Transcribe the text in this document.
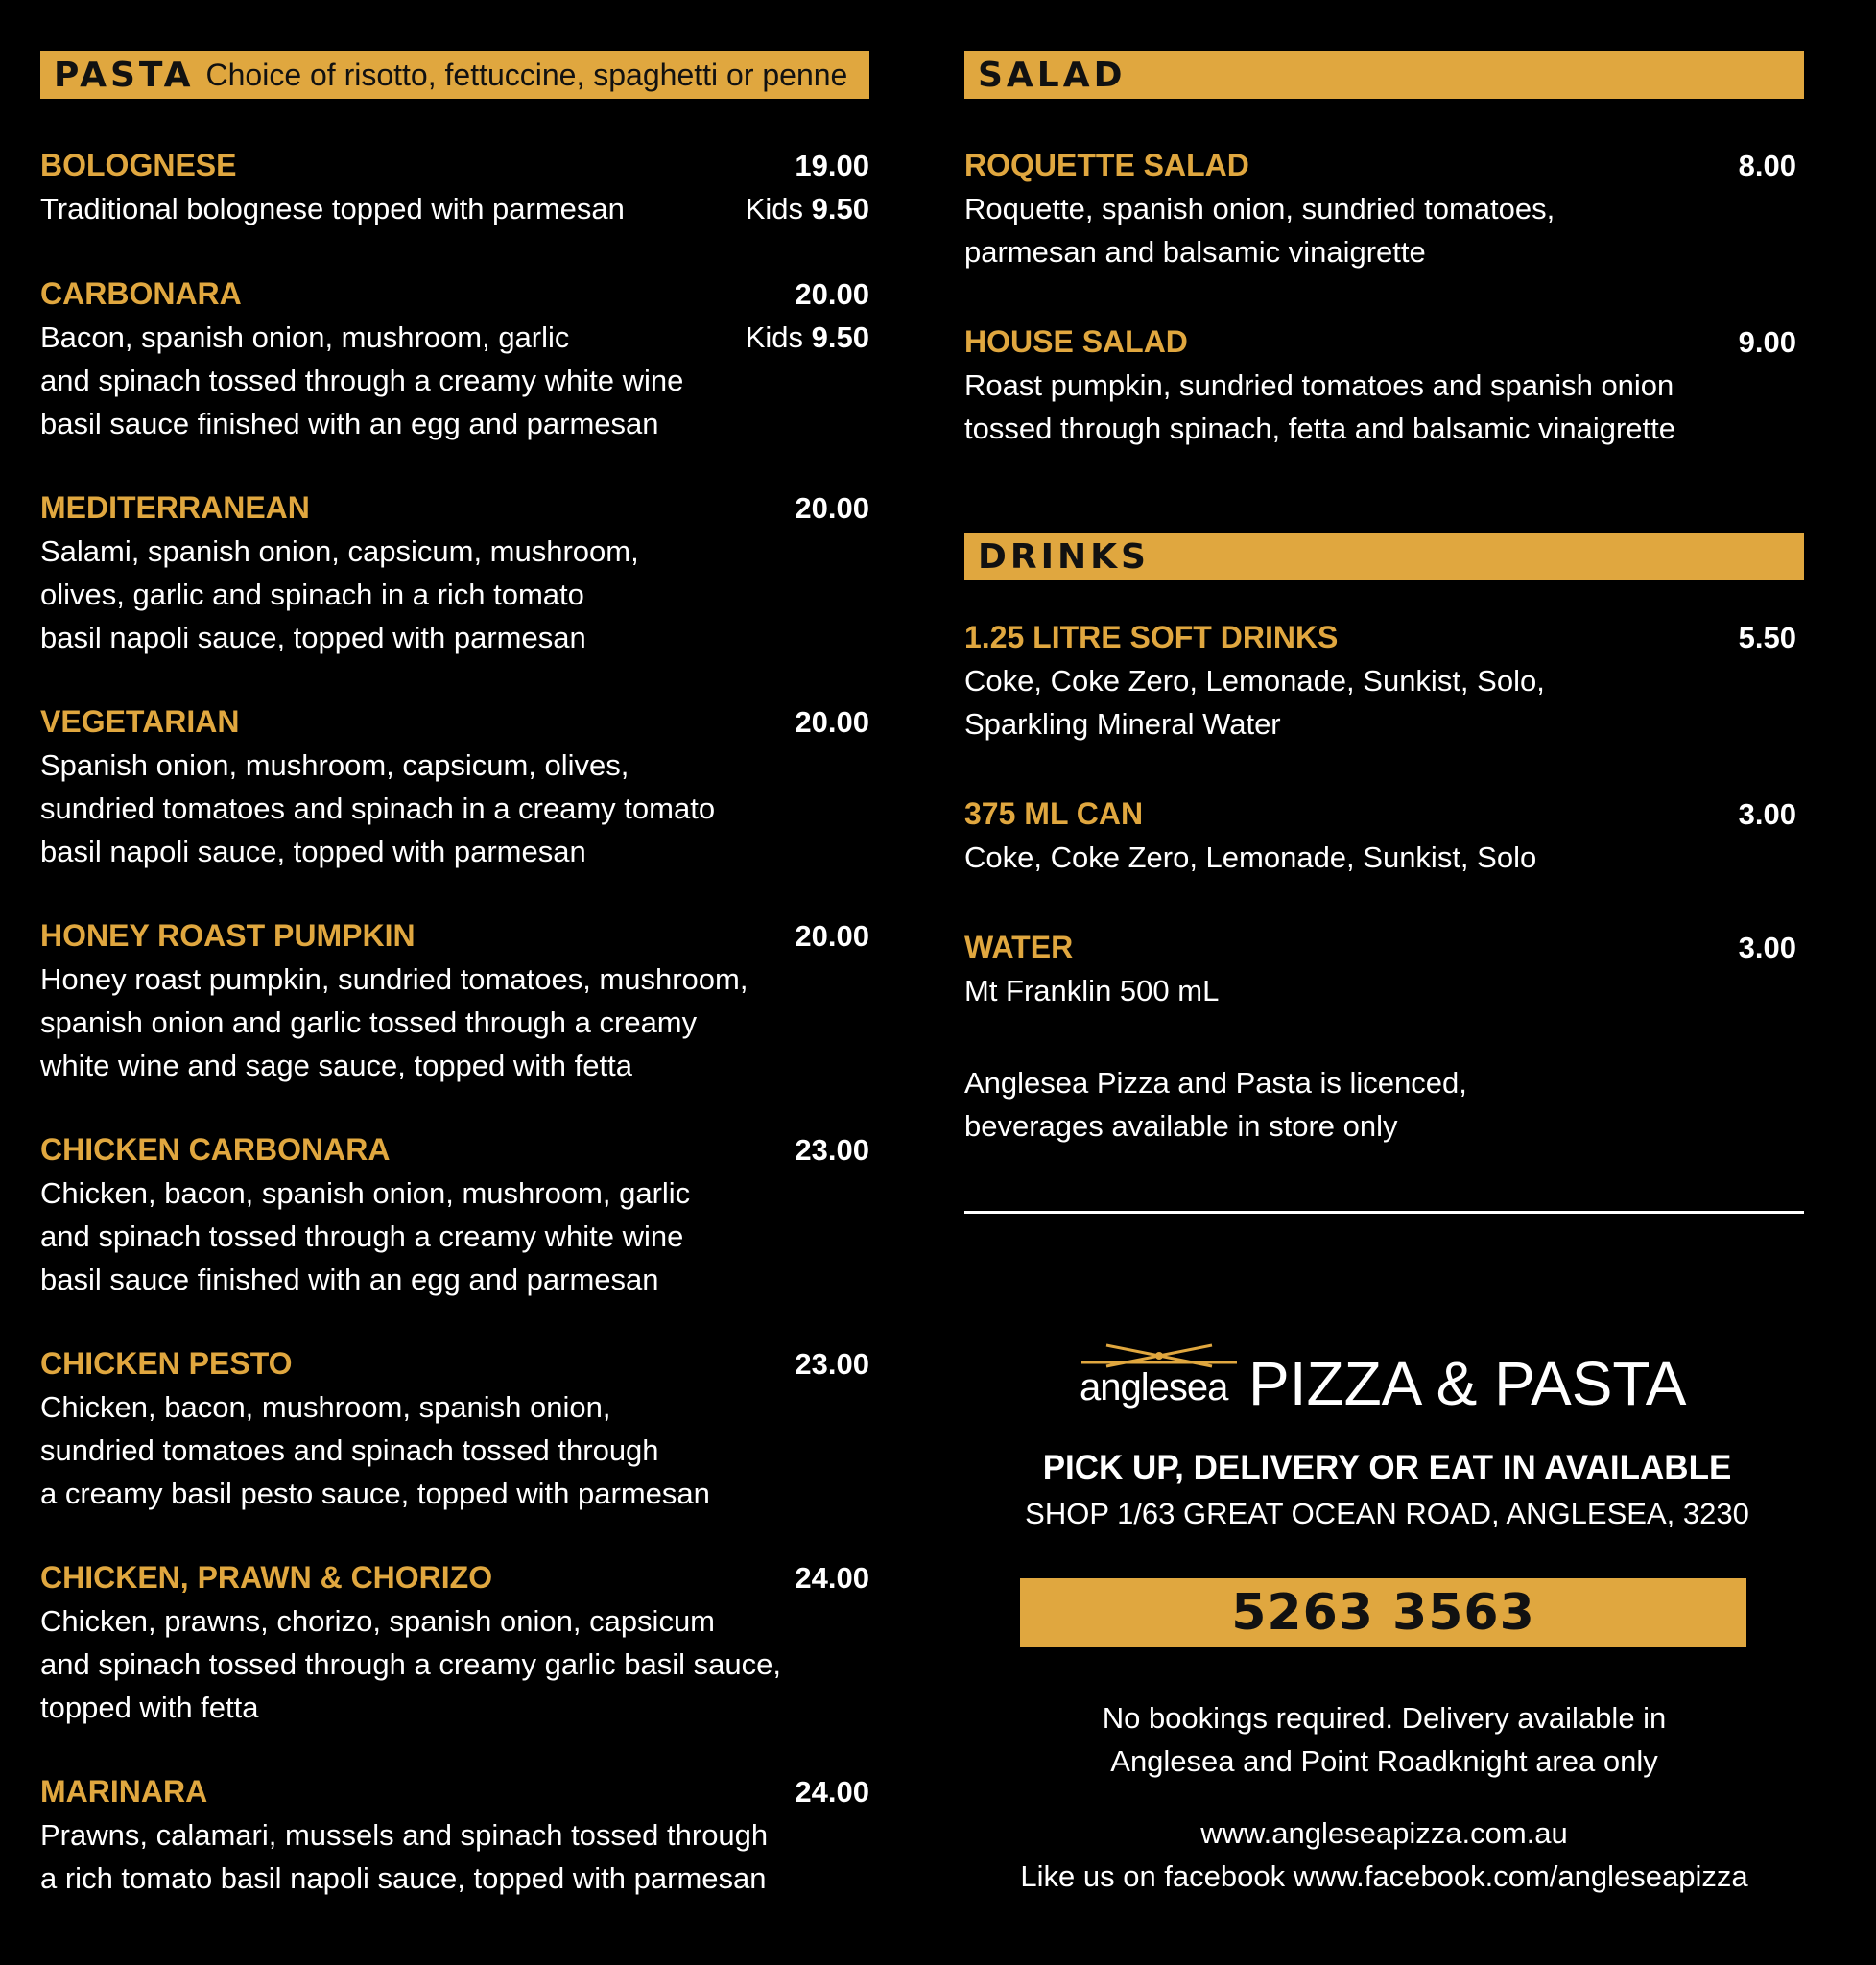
PASTA Choice of risotto, fettuccine, spaghetti or penne
BOLOGNESE	19.00
Kids 9.50
Traditional bolognese topped with parmesan
CARBONARA	20.00
Kids 9.50
Bacon, spanish onion, mushroom, garlic
and spinach tossed through a creamy white wine
basil sauce finished with an egg and parmesan
MEDITERRANEAN	20.00
Salami, spanish onion, capsicum, mushroom,
olives, garlic and spinach in a rich tomato
basil napoli sauce, topped with parmesan
VEGETARIAN	20.00
Spanish onion, mushroom, capsicum, olives,
sundried tomatoes and spinach in a creamy tomato
basil napoli sauce, topped with parmesan
HONEY ROAST PUMPKIN	20.00
Honey roast pumpkin, sundried tomatoes, mushroom,
spanish onion and garlic tossed through a creamy
white wine and sage sauce, topped with fetta
CHICKEN CARBONARA	23.00
Chicken, bacon, spanish onion, mushroom, garlic
and spinach tossed through a creamy white wine
basil sauce finished with an egg and parmesan
CHICKEN PESTO	23.00
Chicken, bacon, mushroom, spanish onion,
sundried tomatoes and spinach tossed through
a creamy basil pesto sauce, topped with parmesan
CHICKEN, PRAWN & CHORIZO	24.00
Chicken, prawns, chorizo, spanish onion, capsicum
and spinach tossed through a creamy garlic basil sauce,
topped with fetta
MARINARA	24.00
Prawns, calamari, mussels and spinach tossed through
a rich tomato basil napoli sauce, topped with parmesan
SALAD
ROQUETTE SALAD	8.00
Roquette, spanish onion, sundried tomatoes,
parmesan and balsamic vinaigrette
HOUSE SALAD	9.00
Roast pumpkin, sundried tomatoes and spanish onion
tossed through spinach, fetta and balsamic vinaigrette
DRINKS
1.25 LITRE SOFT DRINKS	5.50
Coke, Coke Zero, Lemonade, Sunkist, Solo,
Sparkling Mineral Water
375 ML CAN	3.00
Coke, Coke Zero, Lemonade, Sunkist, Solo
WATER	3.00
Mt Franklin 500 mL
Anglesea Pizza and Pasta is licenced,
beverages available in store only
anglesea PIZZA & PASTA
PICK UP, DELIVERY OR EAT IN AVAILABLE
SHOP 1/63 GREAT OCEAN ROAD, ANGLESEA, 3230
5263 3563
No bookings required. Delivery available in
Anglesea and Point Roadknight area only
www.angleseapizza.com.au
Like us on facebook www.facebook.com/angleseapizza
